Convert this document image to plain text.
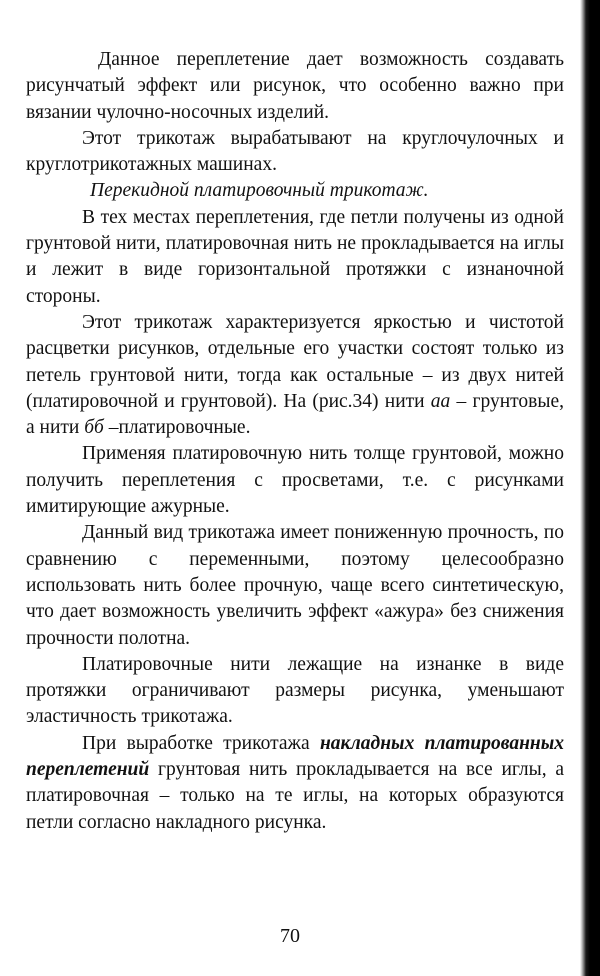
Данное переплетение дает возможность создавать рисунчатый эффект или рисунок, что особенно важно при вязании чулочно-носочных изделий.

Этот трикотаж вырабатывают на круглочулочных и круглотрикотажных машинах.

Перекидной платировочный трикотаж.

В тех местах переплетения, где петли получены из одной грунтовой нити, платировочная нить не прокладывается на иглы и лежит в виде горизонтальной протяжки с изнаночной стороны.

Этот трикотаж характеризуется яркостью и чистотой расцветки рисунков, отдельные его участки состоят только из петель грунтовой нити, тогда как остальные – из двух нитей (платировочной и грунтовой). На (рис.34) нити аа – грунтовые, а нити бб –платировочные.

Применяя платировочную нить толще грунтовой, можно получить переплетения с просветами, т.е. с рисунками имитирующие ажурные.

Данный вид трикотажа имеет пониженную прочность, по сравнению с переменными, поэтому целесообразно использовать нить более прочную, чаще всего синтетическую, что дает возможность увеличить эффект «ажура» без снижения прочности полотна.

Платировочные нити лежащие на изнанке в виде протяжки ограничивают размеры рисунка, уменьшают эластичность трикотажа.

При выработке трикотажа накладных платированных переплетений грунтовая нить прокладывается на все иглы, а платировочная – только на те иглы, на которых образуются петли согласно накладного рисунка.

70
